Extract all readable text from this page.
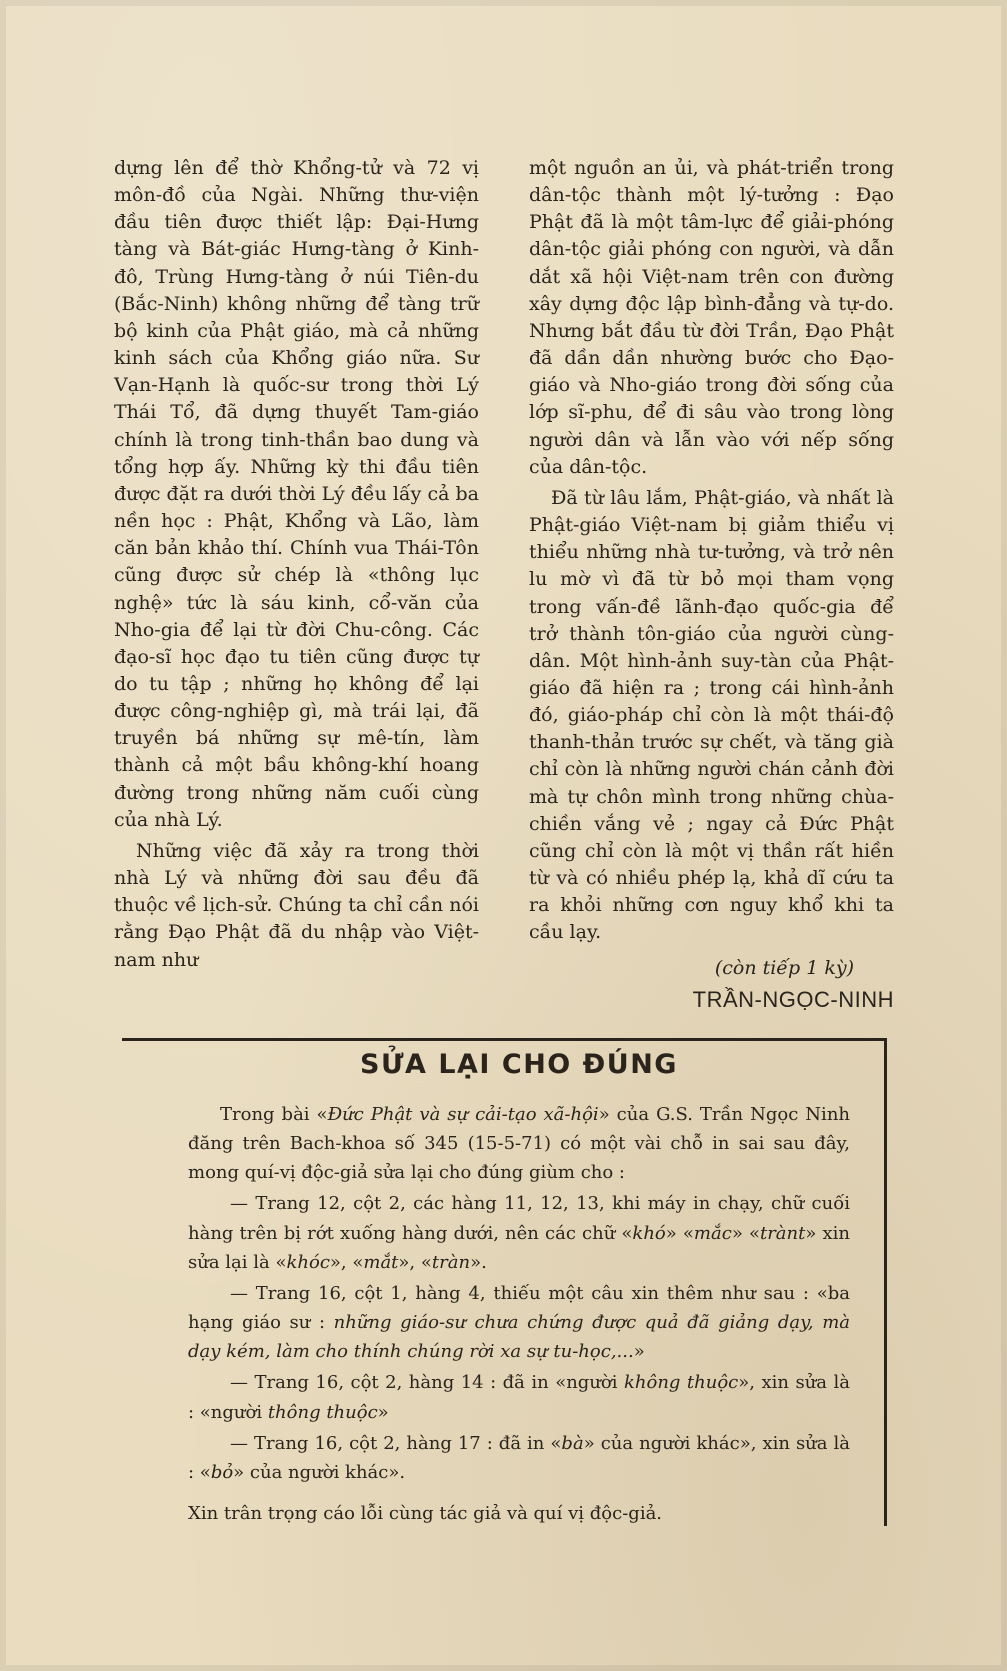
dựng lên để thờ Khổng-tử và 72 vị môn-đồ của Ngài. Những thư-viện đầu tiên được thiết lập: Đại-Hưng tàng và Bát-giác Hưng-tàng ở Kinh-đô, Trùng Hưng-tàng ở núi Tiên-du (Bắc-Ninh) không những để tàng trữ bộ kinh của Phật giáo, mà cả những kinh sách của Khổng giáo nữa. Sư Vạn-Hạnh là quốc-sư trong thời Lý Thái Tổ, đã dựng thuyết Tam-giáo chính là trong tinh-thần bao dung và tổng hợp ấy. Những kỳ thi đầu tiên được đặt ra dưới thời Lý đều lấy cả ba nền học : Phật, Khổng và Lão, làm căn bản khảo thí. Chính vua Thái-Tôn cũng được sử chép là «thông lục nghệ» tức là sáu kinh, cổ-văn của Nho-gia để lại từ đời Chu-công. Các đạo-sĩ học đạo tu tiên cũng được tự do tu tập ; những họ không để lại được công-nghiệp gì, mà trái lại, đã truyền bá những sự mê-tín, làm thành cả một bầu không-khí hoang đường trong những năm cuối cùng của nhà Lý.

Những việc đã xảy ra trong thời nhà Lý và những đời sau đều đã thuộc về lịch-sử. Chúng ta chỉ cần nói rằng Đạo Phật đã du nhập vào Việt-nam như

một nguồn an ủi, và phát-triển trong dân-tộc thành một lý-tưởng : Đạo Phật đã là một tâm-lực để giải-phóng dân-tộc giải phóng con người, và dẫn dắt xã hội Việt-nam trên con đường xây dựng độc lập bình-đẳng và tự-do. Nhưng bắt đầu từ đời Trần, Đạo Phật đã dần dần nhường bước cho Đạo-giáo và Nho-giáo trong đời sống của lớp sĩ-phu, để đi sâu vào trong lòng người dân và lẫn vào với nếp sống của dân-tộc.

Đã từ lâu lắm, Phật-giáo, và nhất là Phật-giáo Việt-nam bị giảm thiểu vị thiểu những nhà tư-tưởng, và trở nên lu mờ vì đã từ bỏ mọi tham vọng trong vấn-đề lãnh-đạo quốc-gia để trở thành tôn-giáo của người cùng-dân. Một hình-ảnh suy-tàn của Phật-giáo đã hiện ra ; trong cái hình-ảnh đó, giáo-pháp chỉ còn là một thái-độ thanh-thản trước sự chết, và tăng già chỉ còn là những người chán cảnh đời mà tự chôn mình trong những chùa-chiền vắng vẻ ; ngay cả Đức Phật cũng chỉ còn là một vị thần rất hiền từ và có nhiều phép lạ, khả dĩ cứu ta ra khỏi những cơn nguy khổ khi ta cầu lạy.

(còn tiếp 1 kỳ)
TRẦN-NGỌC-NINH
SỬA LẠI CHO ĐÚNG

Trong bài «Đức Phật và sự cải-tạo xã-hội» của G.S. Trần Ngọc Ninh đăng trên Bach-khoa số 345 (15-5-71) có một vài chỗ in sai sau đây, mong quí-vị độc-giả sửa lại cho đúng giùm cho :

— Trang 12, cột 2, các hàng 11, 12, 13, khi máy in chạy, chữ cuối hàng trên bị rớt xuống hàng dưới, nên các chữ «khó» «mắc» «trànt» xin sửa lại là «khóc», «mắt», «tràn».

— Trang 16, cột 1, hàng 4, thiếu một câu xin thêm như sau : «ba hạng giáo sư : những giáo-sư chưa chứng được quả đã giảng dạy, mà dạy kém, làm cho thính chúng rời xa sự tu-học,...»

— Trang 16, cột 2, hàng 14 : đã in «người không thuộc», xin sửa là : «người thông thuộc»

— Trang 16, cột 2, hàng 17 : đã in «bà» của người khác», xin sửa là : «bỏ» của người khác».

Xin trân trọng cáo lỗi cùng tác giả và quí vị độc-giả.
